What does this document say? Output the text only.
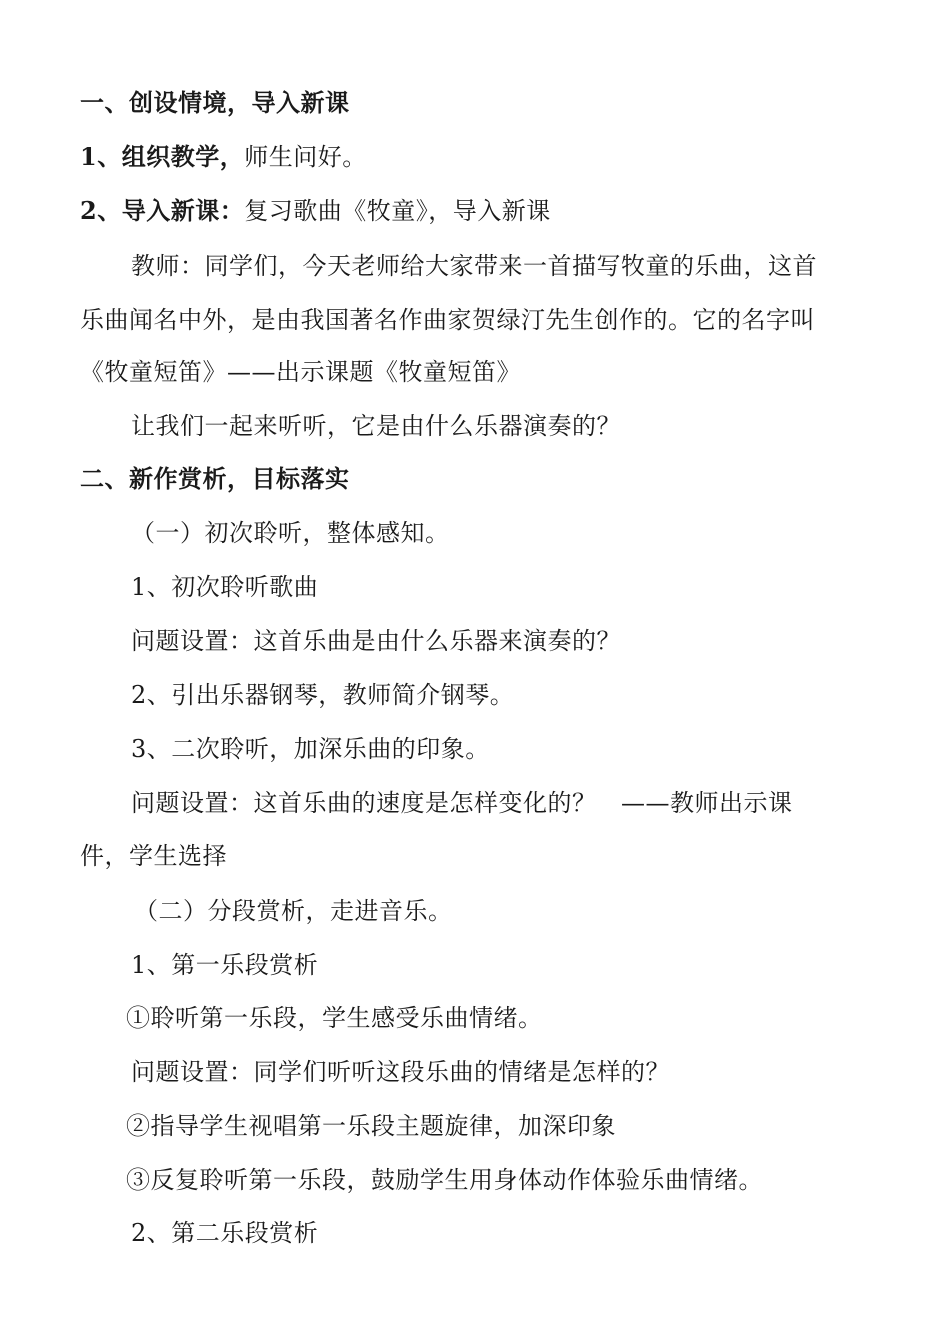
一、创设情境，导入新课
1、组织教学，师生问好。
2、导入新课：复习歌曲《牧童》，导入新课
教师：同学们，今天老师给大家带来一首描写牧童的乐曲，这首
乐曲闻名中外，是由我国著名作曲家贺绿汀先生创作的。它的名字叫
《牧童短笛》——出示课题《牧童短笛》
让我们一起来听听，它是由什么乐器演奏的？
二、新作赏析，目标落实
（一）初次聆听，整体感知。
1、初次聆听歌曲
问题设置：这首乐曲是由什么乐器来演奏的？
2、引出乐器钢琴，教师简介钢琴。
3、二次聆听，加深乐曲的印象。
问题设置：这首乐曲的速度是怎样变化的？　——教师出示课
件，学生选择
（二）分段赏析，走进音乐。
1、第一乐段赏析
①聆听第一乐段，学生感受乐曲情绪。
问题设置：同学们听听这段乐曲的情绪是怎样的？
②指导学生视唱第一乐段主题旋律，加深印象
③反复聆听第一乐段，鼓励学生用身体动作体验乐曲情绪。
2、第二乐段赏析
